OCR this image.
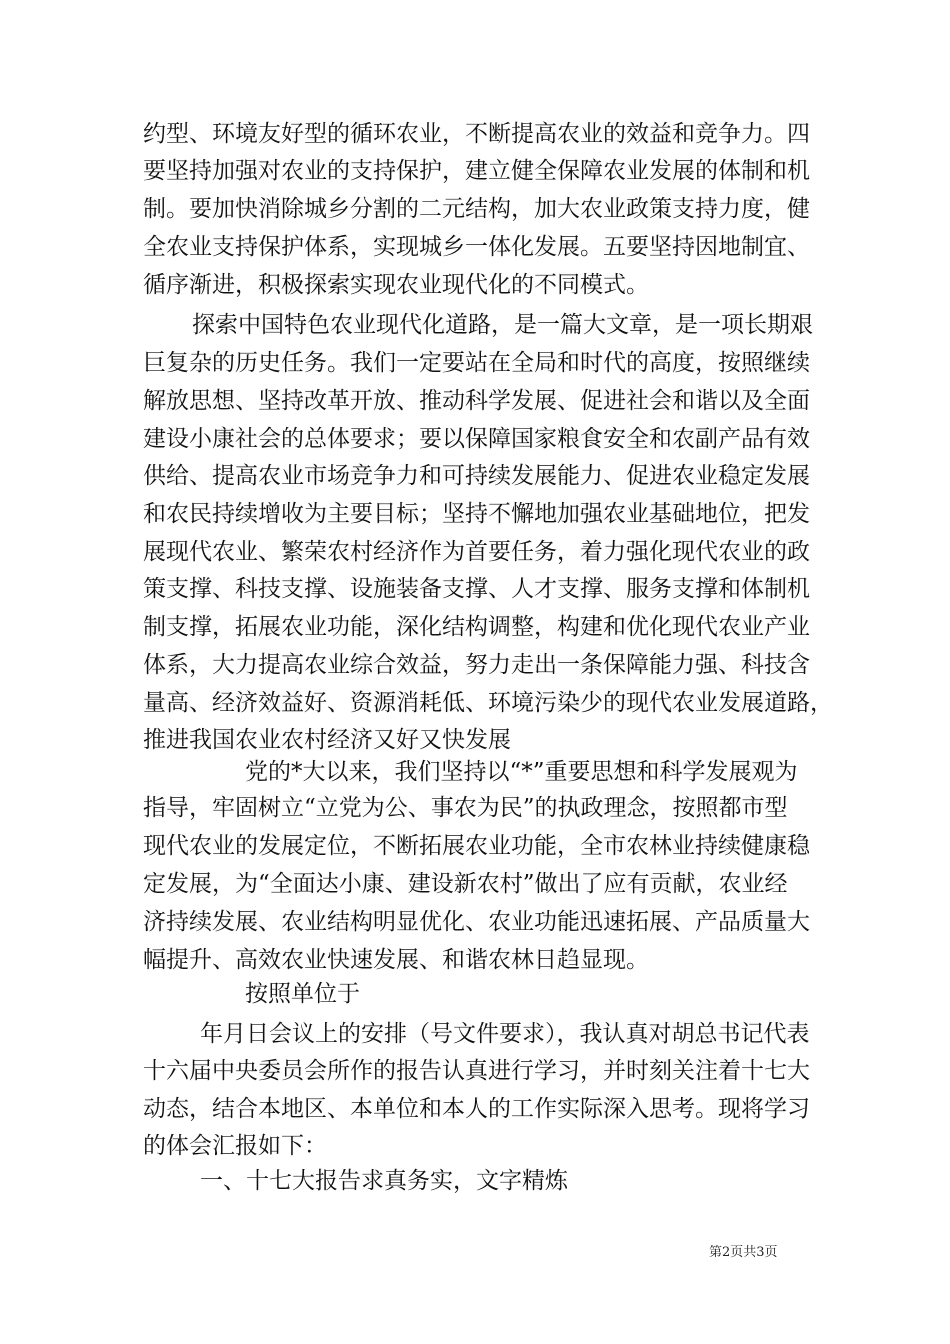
约型、环境友好型的循环农业，不断提高农业的效益和竞争力。四
要坚持加强对农业的支持保护，建立健全保障农业发展的体制和机
制。要加快消除城乡分割的二元结构，加大农业政策支持力度，健
全农业支持保护体系，实现城乡一体化发展。五要坚持因地制宜、
循序渐进，积极探索实现农业现代化的不同模式。
探索中国特色农业现代化道路，是一篇大文章，是一项长期艰
巨复杂的历史任务。我们一定要站在全局和时代的高度，按照继续
解放思想、坚持改革开放、推动科学发展、促进社会和谐以及全面
建设小康社会的总体要求；要以保障国家粮食安全和农副产品有效
供给、提高农业市场竞争力和可持续发展能力、促进农业稳定发展
和农民持续增收为主要目标；坚持不懈地加强农业基础地位，把发
展现代农业、繁荣农村经济作为首要任务，着力强化现代农业的政
策支撑、科技支撑、设施装备支撑、人才支撑、服务支撑和体制机
制支撑，拓展农业功能，深化结构调整，构建和优化现代农业产业
体系，大力提高农业综合效益，努力走出一条保障能力强、科技含
量高、经济效益好、资源消耗低、环境污染少的现代农业发展道路，
推进我国农业农村经济又好又快发展
党的*大以来，我们坚持以“*”重要思想和科学发展观为
指导，牢固树立“立党为公、事农为民”的执政理念，按照都市型
现代农业的发展定位，不断拓展农业功能，全市农林业持续健康稳
定发展，为“全面达小康、建设新农村”做出了应有贡献，农业经
济持续发展、农业结构明显优化、农业功能迅速拓展、产品质量大
幅提升、高效农业快速发展、和谐农林日趋显现。
按照单位于
年月日会议上的安排（号文件要求），我认真对胡总书记代表
十六届中央委员会所作的报告认真进行学习，并时刻关注着十七大
动态，结合本地区、本单位和本人的工作实际深入思考。现将学习
的体会汇报如下：
一、十七大报告求真务实，文字精炼
第2页共3页
